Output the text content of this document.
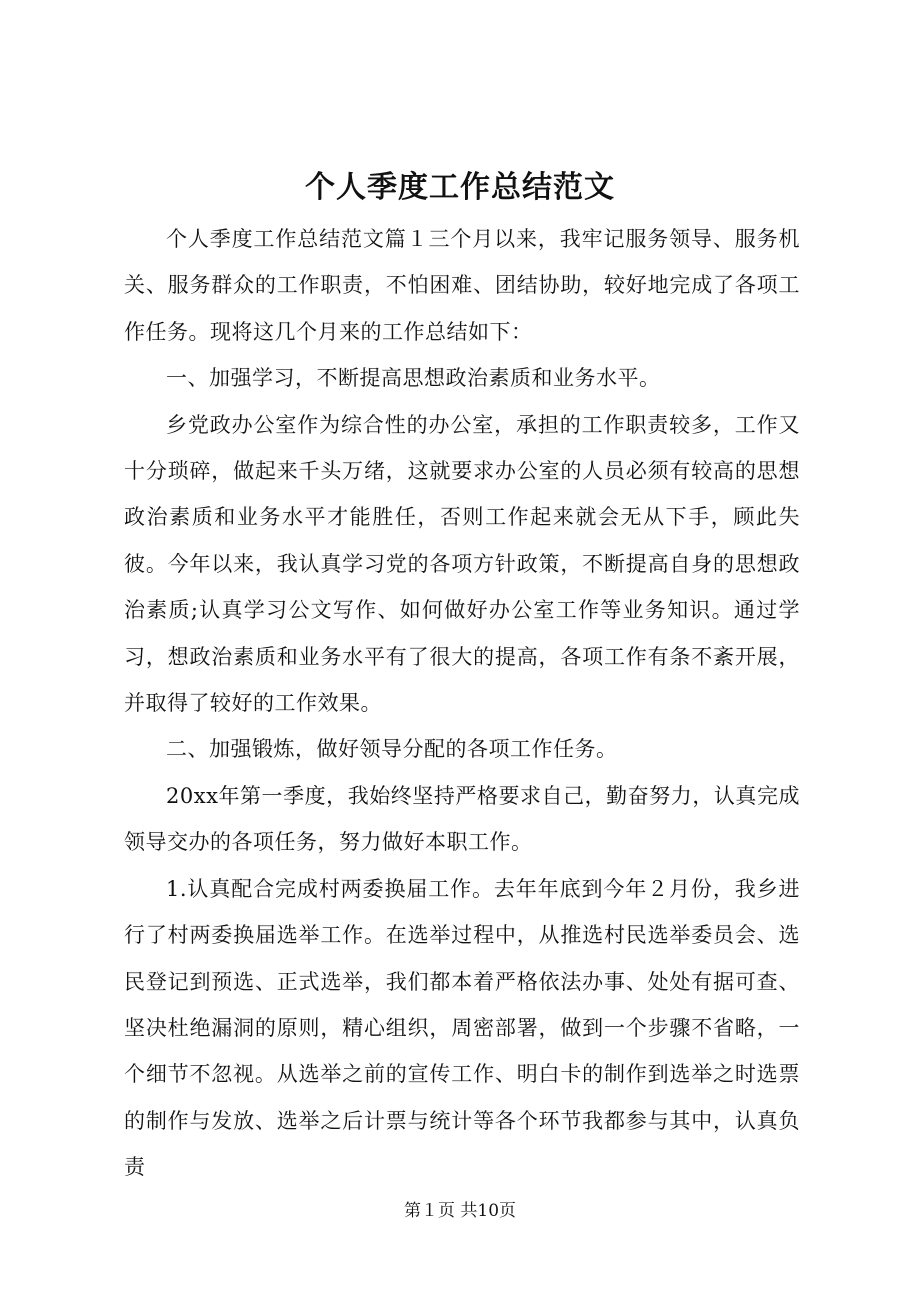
个人季度工作总结范文

个人季度工作总结范文篇１三个月以来，我牢记服务领导、服务机关、服务群众的工作职责，不怕困难、团结协助，较好地完成了各项工作任务。现将这几个月来的工作总结如下：

一、加强学习，不断提高思想政治素质和业务水平。

乡党政办公室作为综合性的办公室，承担的工作职责较多，工作又十分琐碎，做起来千头万绪，这就要求办公室的人员必须有较高的思想政治素质和业务水平才能胜任，否则工作起来就会无从下手，顾此失彼。今年以来，我认真学习党的各项方针政策，不断提高自身的思想政治素质;认真学习公文写作、如何做好办公室工作等业务知识。通过学习，想政治素质和业务水平有了很大的提高，各项工作有条不紊开展，并取得了较好的工作效果。

二、加强锻炼，做好领导分配的各项工作任务。

20xx年第一季度，我始终坚持严格要求自己，勤奋努力，认真完成领导交办的各项任务，努力做好本职工作。

1.认真配合完成村两委换届工作。去年年底到今年２月份，我乡进行了村两委换届选举工作。在选举过程中，从推选村民选举委员会、选民登记到预选、正式选举，我们都本着严格依法办事、处处有据可查、坚决杜绝漏洞的原则，精心组织，周密部署，做到一个步骤不省略，一个细节不忽视。从选举之前的宣传工作、明白卡的制作到选举之时选票的制作与发放、选举之后计票与统计等各个环节我都参与其中，认真负责

第１页 共10页
